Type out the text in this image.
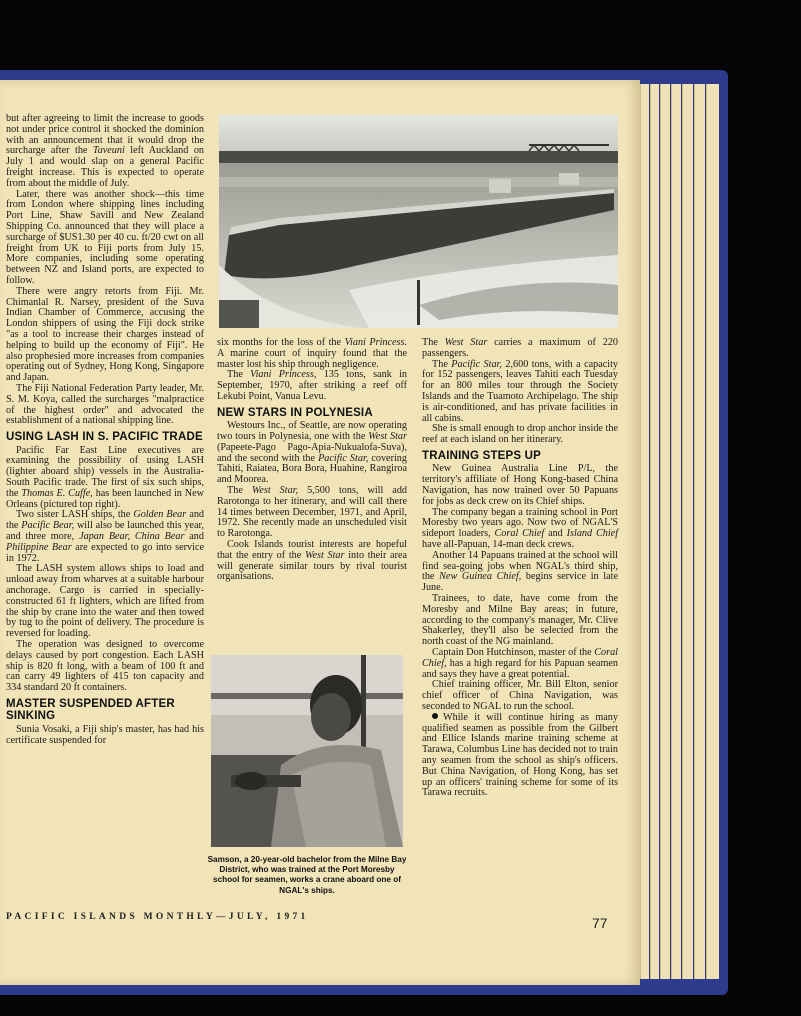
but after agreeing to limit the increase to goods not under price control it shocked the dominion with an announcement that it would drop the surcharge after the Taveuni left Auckland on July 1 and would slap on a general Pacific freight increase. This is expected to operate from about the middle of July.

Later, there was another shock—this time from London where shipping lines including Port Line, Shaw Savill and New Zealand Shipping Co. announced that they will place a surcharge of $US1.30 per 40 cu. ft/20 cwt on all freight from UK to Fiji ports from July 15. More companies, including some operating between NZ and Island ports, are expected to follow.

There were angry retorts from Fiji. Mr. Chimanlal R. Narsey, president of the Suva Indian Chamber of Commerce, accusing the London shippers of using the Fiji dock strike "as a tool to increase their charges instead of helping to build up the economy of Fiji". He also prophesied more increases from companies operating out of Sydney, Hong Kong, Singapore and Japan.

The Fiji National Federation Party leader, Mr. S. M. Koya, called the surcharges "malpractice of the highest order" and advocated the establishment of a national shipping line.

USING LASH IN S. PACIFIC TRADE

Pacific Far East Line executives are examining the possibility of using LASH (lighter aboard ship) vessels in the Australia-South Pacific trade. The first of six such ships, the Thomas E. Cuffe, has been launched in New Orleans (pictured top right).

Two sister LASH ships, the Golden Bear and the Pacific Bear, will also be launched this year, and three more, Japan Bear, China Bear and Philippine Bear are expected to go into service in 1972.

The LASH system allows ships to load and unload away from wharves at a suitable harbour anchorage. Cargo is carried in specially-constructed 61 ft lighters, which are lifted from the ship by crane into the water and then towed by tug to the point of delivery. The procedure is reversed for loading.

The operation was designed to overcome delays caused by port congestion. Each LASH ship is 820 ft long, with a beam of 100 ft and can carry 49 lighters of 415 ton capacity and 334 standard 20 ft containers.

MASTER SUSPENDED AFTER SINKING

Sunia Vosaki, a Fiji ship's master, has had his certificate suspended for

six months for the loss of the Viani Princess. A marine court of inquiry found that the master lost his ship through negligence.

The Viani Princess, 135 tons, sank in September, 1970, after striking a reef off Lekubi Point, Vanua Levu.

NEW STARS IN POLYNESIA

Westours Inc., of Seattle, are now operating two tours in Polynesia, one with the West Star (Papeete-Pago Pago-Apia-Nukualofa-Suva), and the second with the Pacific Star, covering Tahiti, Raiatea, Bora Bora, Huahine, Rangiroa and Moorea.

The West Star, 5,500 tons, will add Rarotonga to her itinerary, and will call there 14 times between December, 1971, and April, 1972. She recently made an unscheduled visit to Rarotonga.

Cook Islands tourist interests are hopeful that the entry of the West Star into their area will generate similar tours by rival tourist organisations.

Samson, a 20-year-old bachelor from the Milne Bay District, who was trained at the Port Moresby school for seamen, works a crane aboard one of NGAL's ships.

The West Star carries a maximum of 220 passengers.

The Pacific Star, 2,600 tons, with a capacity for 152 passengers, leaves Tahiti each Tuesday for an 800 miles tour through the Society Islands and the Tuamoto Archipelago. The ship is air-conditioned, and has private facilities in all cabins.

She is small enough to drop anchor inside the reef at each island on her itinerary.

TRAINING STEPS UP

New Guinea Australia Line P/L, the territory's affiliate of Hong Kong-based China Navigation, has now trained over 50 Papuans for jobs as deck crew on its Chief ships.

The company began a training school in Port Moresby two years ago. Now two of NGAL'S sideport loaders, Coral Chief and Island Chief have all-Papuan, 14-man deck crews.

Another 14 Papuans trained at the school will find sea-going jobs when NGAL's third ship, the New Guinea Chief, begins service in late June.

Trainees, to date, have come from the Moresby and Milne Bay areas; in future, according to the company's manager, Mr. Clive Shakerley, they'll also be selected from the north coast of the NG mainland.

Captain Don Hutchinson, master of the Coral Chief, has a high regard for his Papuan seamen and says they have a great potential.

Chief training officer, Mr. Bill Elton, senior chief officer of China Navigation, was seconded to NGAL to run the school.

While it will continue hiring as many qualified seamen as possible from the Gilbert and Ellice Islands marine training scheme at Tarawa, Columbus Line has decided not to train any seamen from the school as ship's officers. But China Navigation, of Hong Kong, has set up an officers' training scheme for some of its Tarawa recruits.

PACIFIC ISLANDS MONTHLY—JULY, 1971	77
